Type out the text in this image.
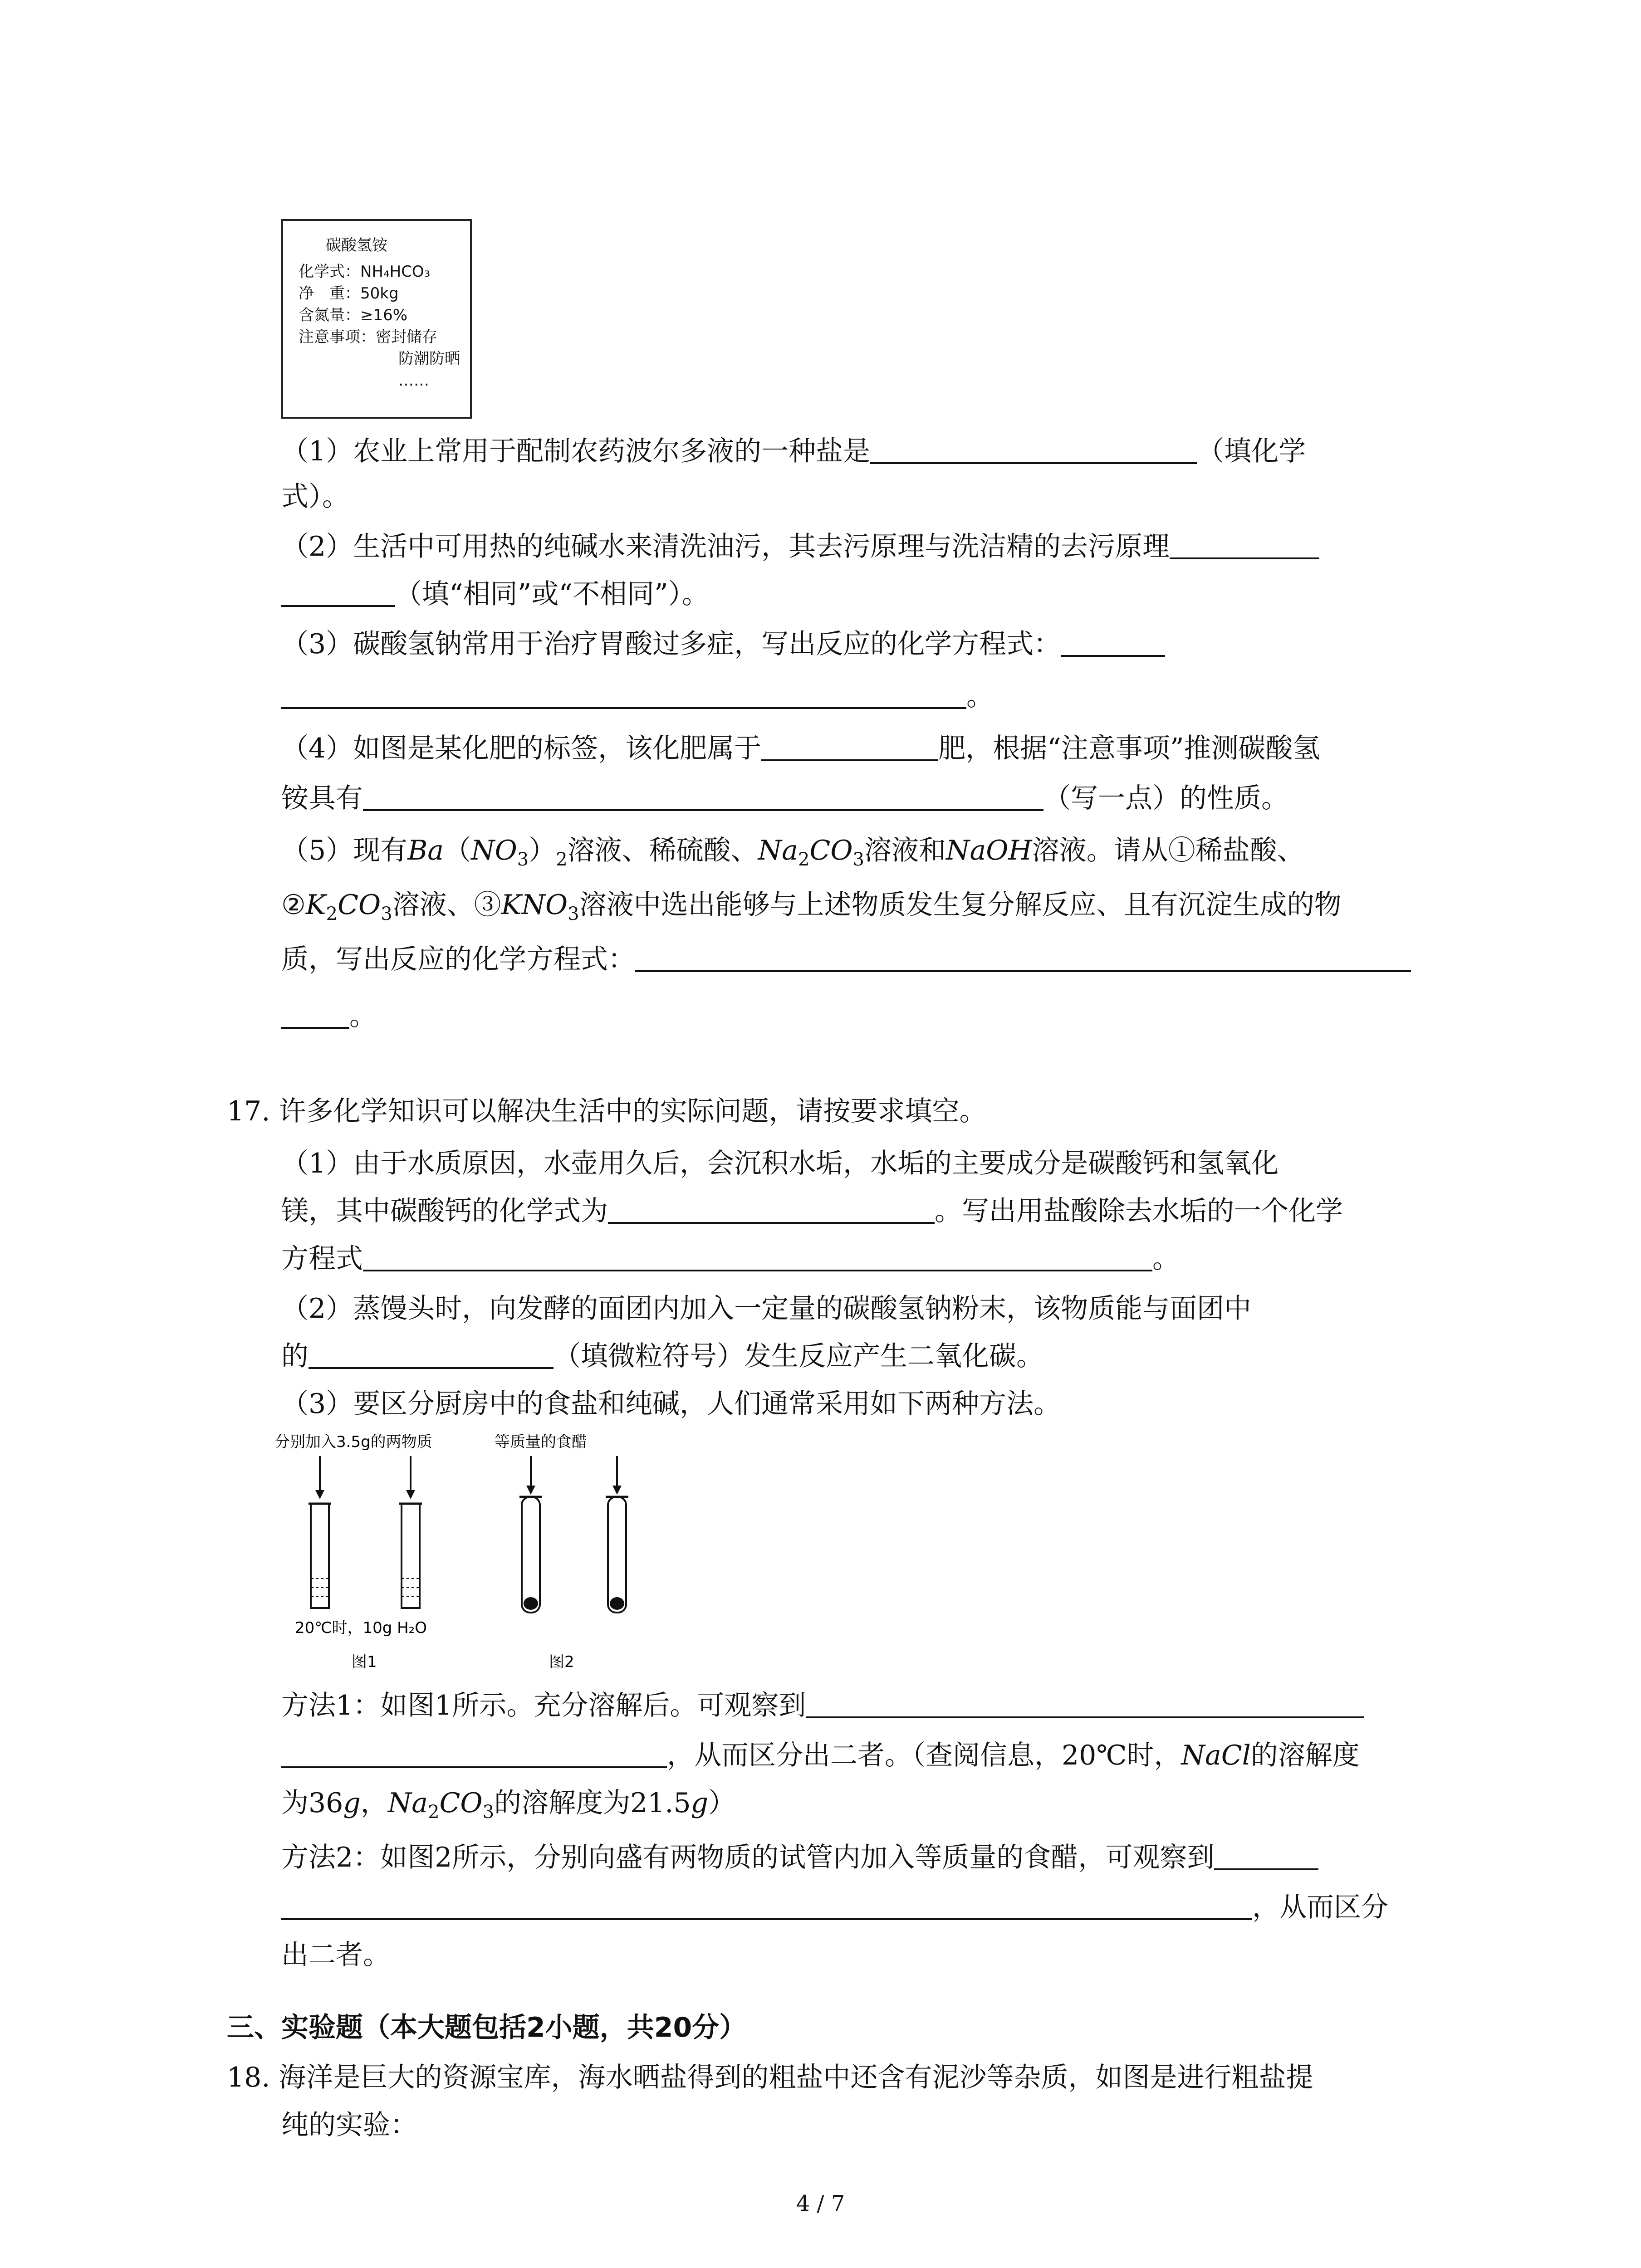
碳酸氢铵
化学式：NH₄HCO₃
净　重：50kg
含氮量：≥16%
注意事项：密封储存
防潮防晒
……
（1）农业上常用于配制农药波尔多液的一种盐是	（填化学
式）。
（2）生活中可用热的纯碱水来清洗油污，其去污原理与洗洁精的去污原理
（填“相同”或“不相同”）。
（3）碳酸氢钠常用于治疗胃酸过多症，写出反应的化学方程式：
。
（4）如图是某化肥的标签，该化肥属于	肥，根据“注意事项”推测碳酸氢
铵具有	（写一点）的性质。
（5）现有$Ba(NO_3)_2$溶液、稀硫酸、$Na_2CO_3$溶液和NaOH溶液。请从①稀盐酸、
$②K_2CO_3$溶液、$③KNO_3$溶液中选出能够与上述物质发生复分解反应、且有沉淀生成的物
质，写出反应的化学方程式：
。
17. 许多化学知识可以解决生活中的实际问题，请按要求填空。
（1）由于水质原因，水壶用久后，会沉积水垢，水垢的主要成分是碳酸钙和氢氧化
镁，其中碳酸钙的化学式为	。写出用盐酸除去水垢的一个化学
方程式	。
（2）蒸馒头时，向发酵的面团内加入一定量的碳酸氢钠粉末，该物质能与面团中
的	（填微粒符号）发生反应产生二氧化碳。
（3）要区分厨房中的食盐和纯碱，人们通常采用如下两种方法。
分别加入3.5g的两物质	等质量的食醋
20℃时，10g H₂O
图1	图2
方法1：如图1所示。充分溶解后。可观察到
，从而区分出二者。（查阅信息，20℃时，NaCl的溶解度
为36g，$Na_2CO_3$的溶解度为21.5g）
方法2：如图2所示，分别向盛有两物质的试管内加入等质量的食醋，可观察到
，从而区分
出二者。
三、实验题（本大题包括2小题，共20分）
18. 海洋是巨大的资源宝库，海水晒盐得到的粗盐中还含有泥沙等杂质，如图是进行粗盐提
纯的实验：
4 / 7
